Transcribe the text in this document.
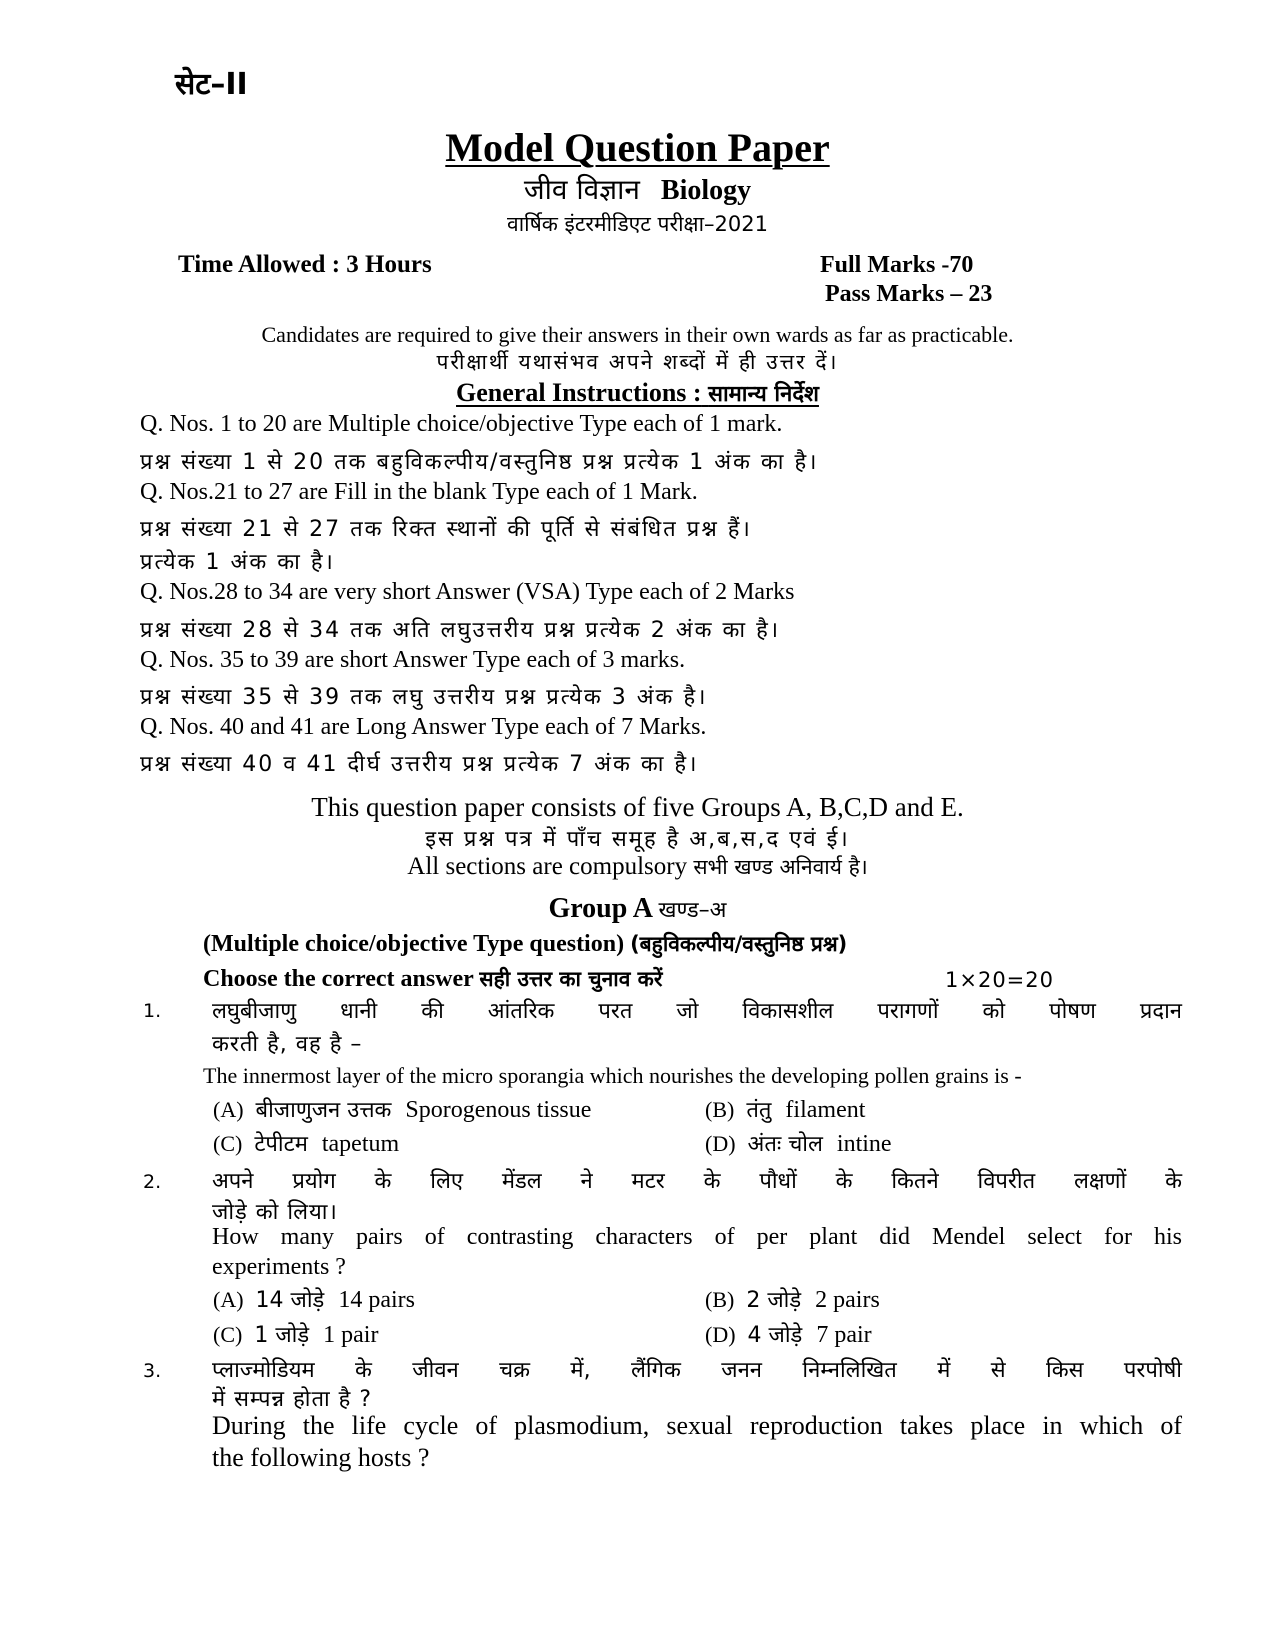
सेट–II
Model Question Paper
जीव विज्ञान Biology
वार्षिक इंटरमीडिएट परीक्षा–2021
Time Allowed : 3 Hours	Full Marks -70
Pass Marks – 23
Candidates are required to give their answers in their own wards as far as practicable.
परीक्षार्थी यथासंभव अपने शब्दों में ही उत्तर दें।
General Instructions : सामान्य निर्देश
Q. Nos. 1 to 20 are Multiple choice/objective Type each of 1 mark.
प्रश्न संख्या 1 से 20 तक बहुविकल्पीय/वस्तुनिष्ठ प्रश्न प्रत्येक 1 अंक का है।
Q. Nos.21 to 27 are Fill in the blank Type each of 1 Mark.
प्रश्न संख्या 21 से 27 तक रिक्त स्थानों की पूर्ति से संबंधित प्रश्न हैं।
प्रत्येक 1 अंक का है।
Q. Nos.28 to 34 are very short Answer (VSA) Type each of 2 Marks
प्रश्न संख्या 28 से 34 तक अति लघुउत्तरीय प्रश्न प्रत्येक 2 अंक का है।
Q. Nos. 35 to 39 are short Answer Type each of 3 marks.
प्रश्न संख्या 35 से 39 तक लघु उत्तरीय प्रश्न प्रत्येक 3 अंक है।
Q. Nos. 40 and 41 are Long Answer Type each of 7 Marks.
प्रश्न संख्या 40 व 41 दीर्घ उत्तरीय प्रश्न प्रत्येक 7 अंक का है।
This question paper consists of five Groups A, B,C,D and E.
इस प्रश्न पत्र में पाँच समूह है अ,ब,स,द एवं ई।
All sections are compulsory सभी खण्ड अनिवार्य है।
Group A खण्ड–अ
(Multiple choice/objective Type question) (बहुविकल्पीय/वस्तुनिष्ठ प्रश्न)
Choose the correct answer सही उत्तर का चुनाव करें	1×20=20
1. लघुबीजाणु धानी की आंतरिक परत जो विकासशील परागणों को पोषण प्रदान
करती है, वह है –
The innermost layer of the micro sporangia which nourishes the developing pollen grains is -
(A) बीजाणुजन उत्तक Sporogenous tissue	(B) तंतु filament
(C) टेपीटम tapetum	(D) अंतः चोल intine
2. अपने प्रयोग के लिए मेंडल ने मटर के पौधों के कितने विपरीत लक्षणों के
जोड़े को लिया।
How many pairs of contrasting characters of per plant did Mendel select for his
experiments ?
(A) 14 जोड़े 14 pairs	(B) 2 जोड़े 2 pairs
(C) 1 जोड़े 1 pair	(D) 4 जोड़े 7 pair
3. प्लाज्मोडियम के जीवन चक्र में, लैंगिक जनन निम्नलिखित में से किस परपोषी
में सम्पन्न होता है ?
During the life cycle of plasmodium, sexual reproduction takes place in which of
the following hosts ?
